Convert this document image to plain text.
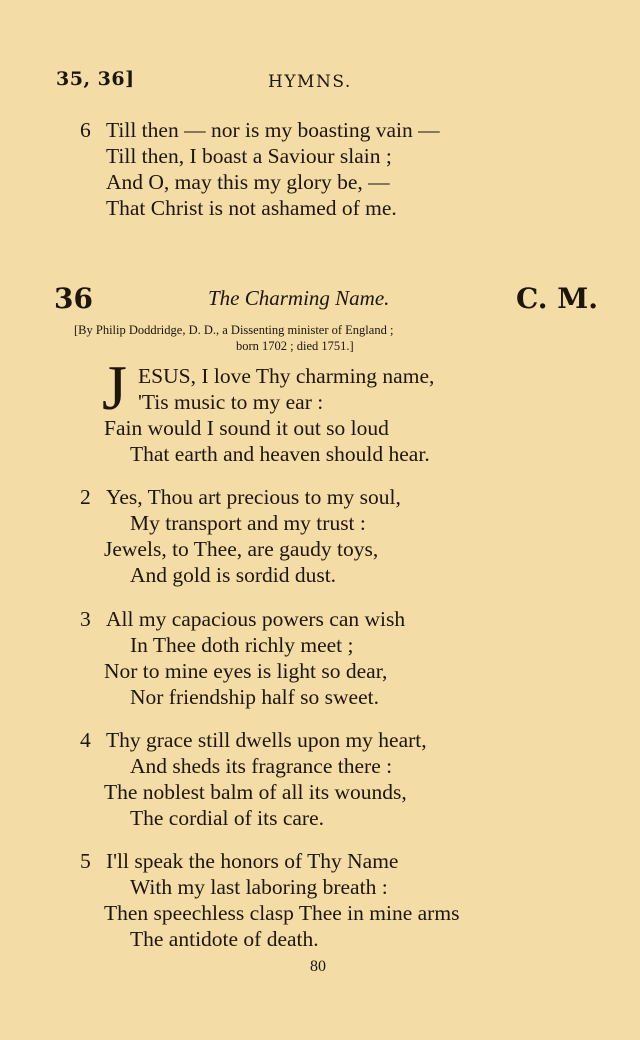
35, 36]	HYMNS.
6 Till then — nor is my boasting vain —
Till then, I boast a Saviour slain ;
And O, may this my glory be, —
That Christ is not ashamed of me.
36	The Charming Name.	C. M.
[By Philip Doddridge, D. D., a Dissenting minister of England ;
born 1702 ; died 1751.]
J ESUS, I love Thy charming name,
'Tis music to my ear :
Fain would I sound it out so loud
That earth and heaven should hear.
2 Yes, Thou art precious to my soul,
My transport and my trust :
Jewels, to Thee, are gaudy toys,
And gold is sordid dust.
3 All my capacious powers can wish
In Thee doth richly meet ;
Nor to mine eyes is light so dear,
Nor friendship half so sweet.
4 Thy grace still dwells upon my heart,
And sheds its fragrance there :
The noblest balm of all its wounds,
The cordial of its care.
5 I'll speak the honors of Thy Name
With my last laboring breath :
Then speechless clasp Thee in mine arms
The antidote of death.
80
